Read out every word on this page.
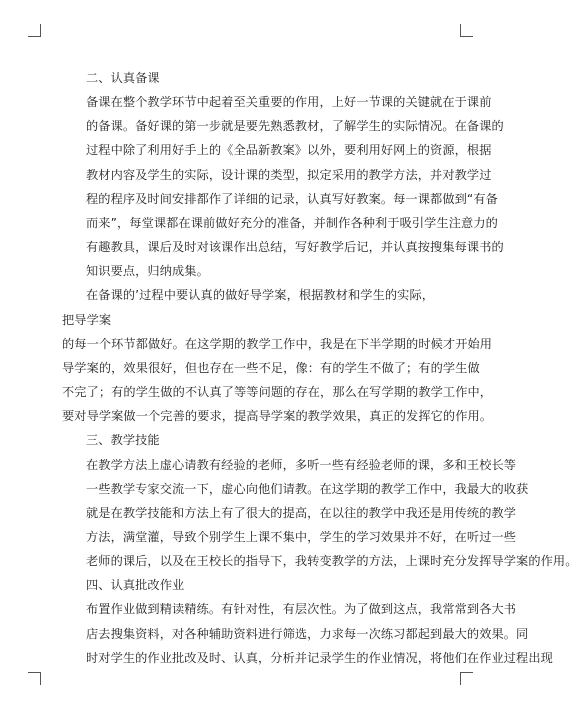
二、认真备课

备课在整个教学环节中起着至关重要的作用，上好一节课的关键就在于课前
的备课。备好课的第一步就是要先熟悉教材，了解学生的实际情况。在备课的
过程中除了利用好手上的《全品新教案》以外，要利用好网上的资源，根据
教材内容及学生的实际，设计课的类型，拟定采用的教学方法，并对教学过
程的程序及时间安排都作了详细的记录，认真写好教案。每一课都做到“有备
而来”，每堂课都在课前做好充分的准备，并制作各种利于吸引学生注意力的
有趣教具，课后及时对该课作出总结，写好教学后记，并认真按搜集每课书的
知识要点，归纳成集。

在备课的’过程中要认真的做好导学案，根据教材和学生的实际，把导学案

的每一个环节都做好。在这学期的教学工作中，我是在下半学期的时候才开始用
导学案的，效果很好，但也存在一些不足，像：有的学生不做了；有的学生做
不完了；有的学生做的不认真了等等问题的存在，那么在写学期的教学工作中，
要对导学案做一个完善的要求，提高导学案的教学效果，真正的发挥它的作用。

三、教学技能

在教学方法上虚心请教有经验的老师，多听一些有经验老师的课，多和王校长等
一些教学专家交流一下，虚心向他们请教。在这学期的教学工作中，我最大的收获
就是在教学技能和方法上有了很大的提高，在以往的教学中我还是用传统的教学
方法，满堂灌，导致个别学生上课不集中，学生的学习效果并不好，在听过一些
老师的课后，以及在王校长的指导下，我转变教学的方法，上课时充分发挥导学案的作用。

四、认真批改作业

布置作业做到精读精练。有针对性，有层次性。为了做到这点，我常常到各大书
店去搜集资料，对各种辅助资料进行筛选，力求每一次练习都起到最大的效果。同
时对学生的作业批改及时、认真，分析并记录学生的作业情况，将他们在作业过程出现
